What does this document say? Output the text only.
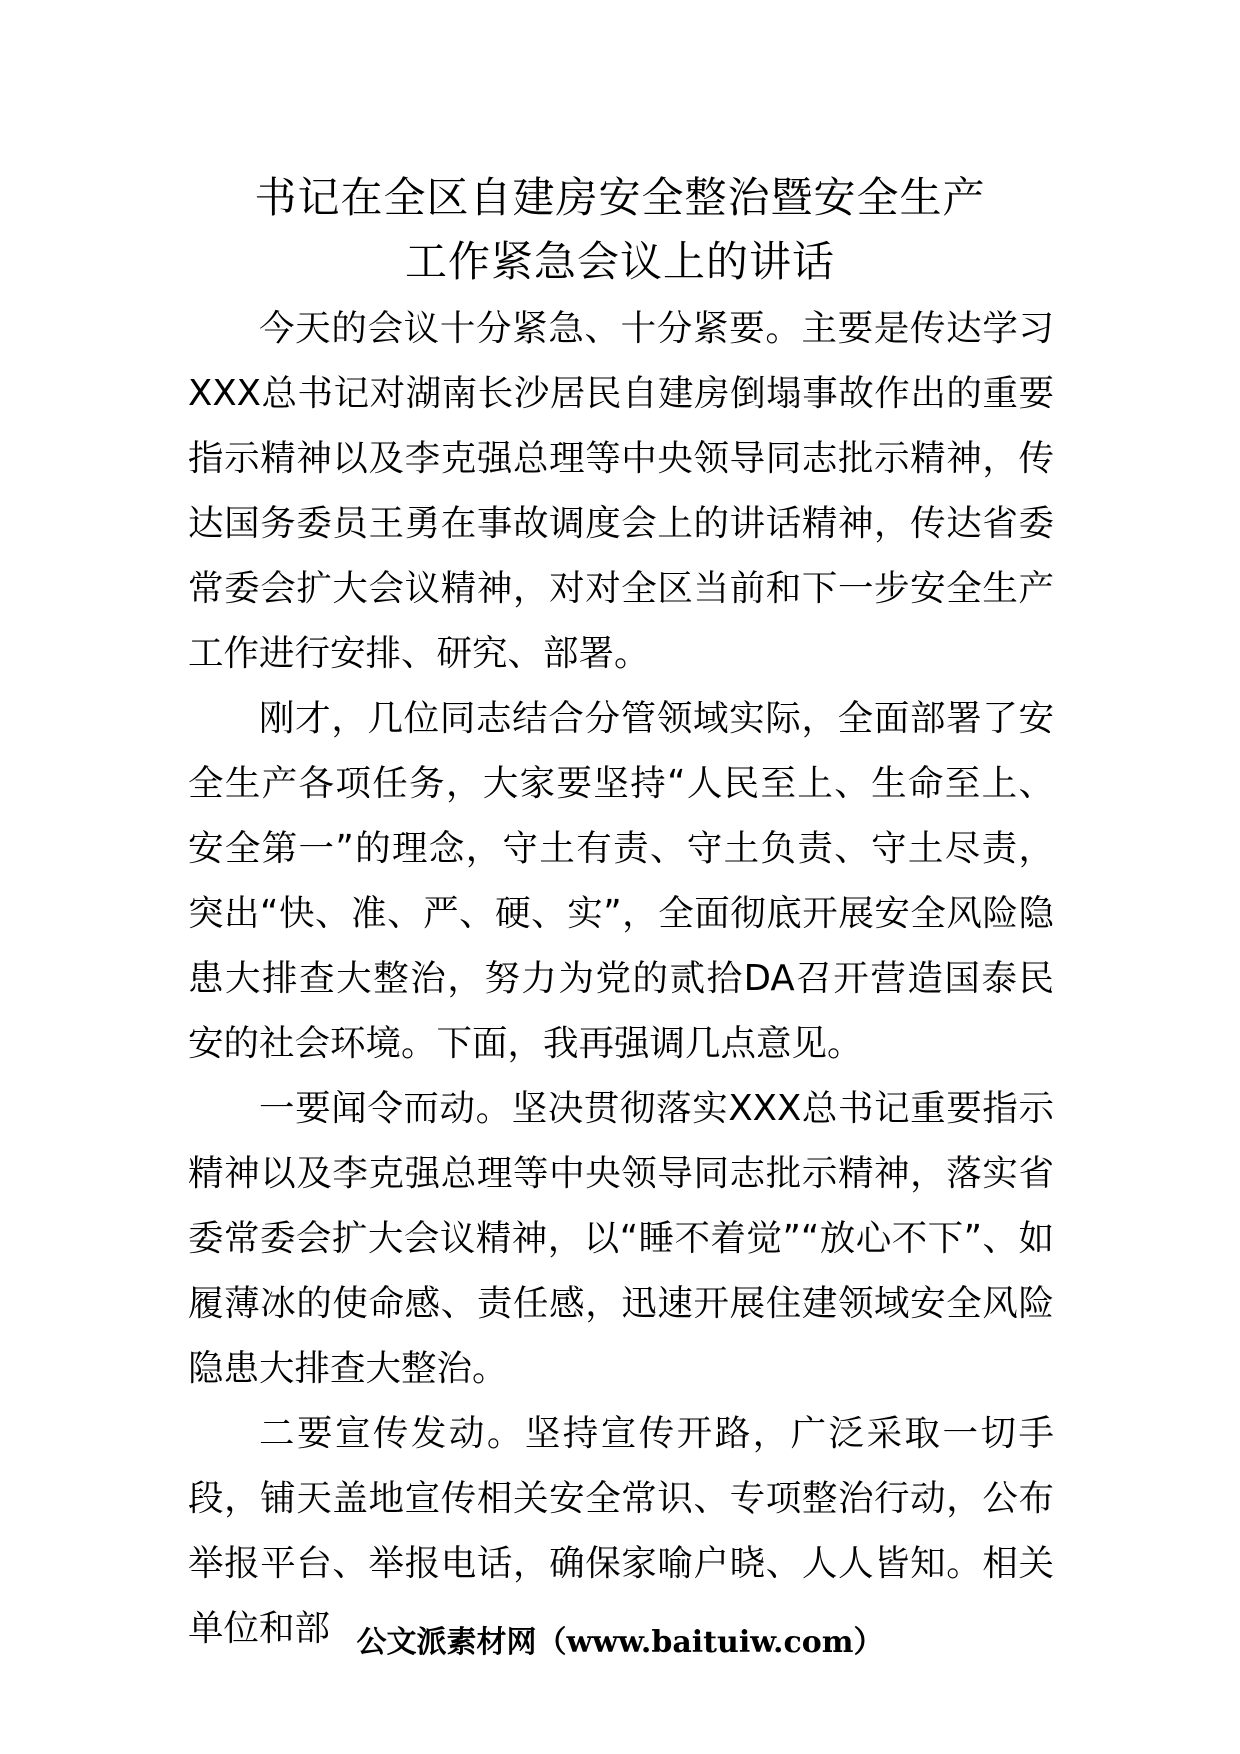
书记在全区自建房安全整治暨安全生产
工作紧急会议上的讲话

今天的会议十分紧急、十分紧要。主要是传达学习XXX总书记对湖南长沙居民自建房倒塌事故作出的重要指示精神以及李克强总理等中央领导同志批示精神，传达国务委员王勇在事故调度会上的讲话精神，传达省委常委会扩大会议精神，对对全区当前和下一步安全生产工作进行安排、研究、部署。

刚才，几位同志结合分管领域实际，全面部署了安全生产各项任务，大家要坚持“人民至上、生命至上、安全第一”的理念，守土有责、守土负责、守土尽责，突出“快、准、严、硬、实”，全面彻底开展安全风险隐患大排查大整治，努力为党的贰拾DA召开营造国泰民安的社会环境。下面，我再强调几点意见。

一要闻令而动。坚决贯彻落实XXX总书记重要指示精神以及李克强总理等中央领导同志批示精神，落实省委常委会扩大会议精神，以“睡不着觉”“放心不下”、如履薄冰的使命感、责任感，迅速开展住建领域安全风险隐患大排查大整治。

二要宣传发动。坚持宣传开路，广泛采取一切手段，铺天盖地宣传相关安全常识、专项整治行动，公布举报平台、举报电话，确保家喻户晓、人人皆知。相关单位和部 公文派素材网（www.baituiw.com）
